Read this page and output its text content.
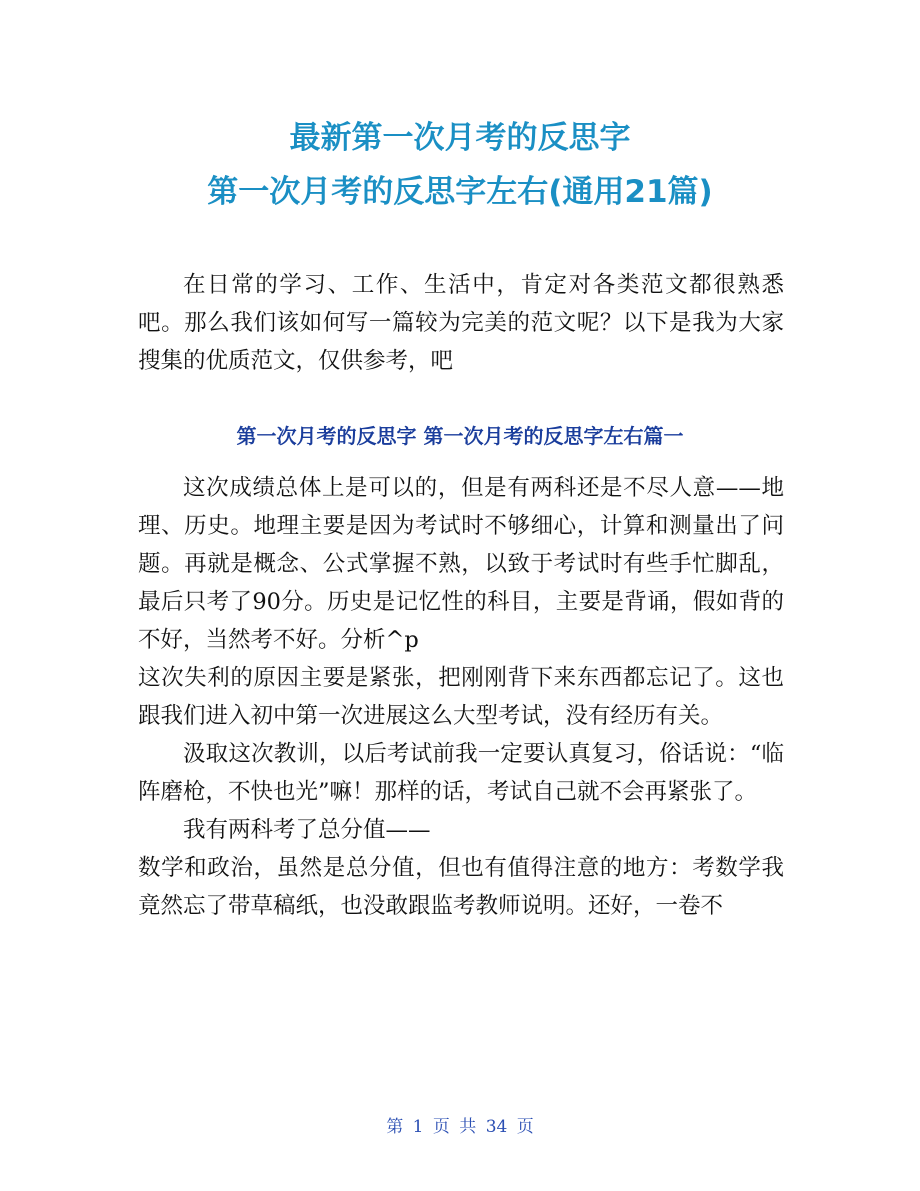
最新第一次月考的反思字
第一次月考的反思字左右(通用21篇)

在日常的学习、工作、生活中，肯定对各类范文都很熟悉吧。那么我们该如何写一篇较为完美的范文呢？以下是我为大家搜集的优质范文，仅供参考，吧

第一次月考的反思字 第一次月考的反思字左右篇一

这次成绩总体上是可以的，但是有两科还是不尽人意——地理、历史。地理主要是因为考试时不够细心，计算和测量出了问题。再就是概念、公式掌握不熟，以致于考试时有些手忙脚乱，最后只考了90分。历史是记忆性的科目，主要是背诵，假如背的不好，当然考不好。分析^p

这次失利的原因主要是紧张，把刚刚背下来东西都忘记了。这也跟我们进入初中第一次进展这么大型考试，没有经历有关。

汲取这次教训，以后考试前我一定要认真复习，俗话说：“临阵磨枪，不快也光”嘛！那样的话，考试自己就不会再紧张了。

我有两科考了总分值——

数学和政治，虽然是总分值，但也有值得注意的地方：考数学我竟然忘了带草稿纸，也没敢跟监考教师说明。还好，一卷不

第 1 页 共 34 页
